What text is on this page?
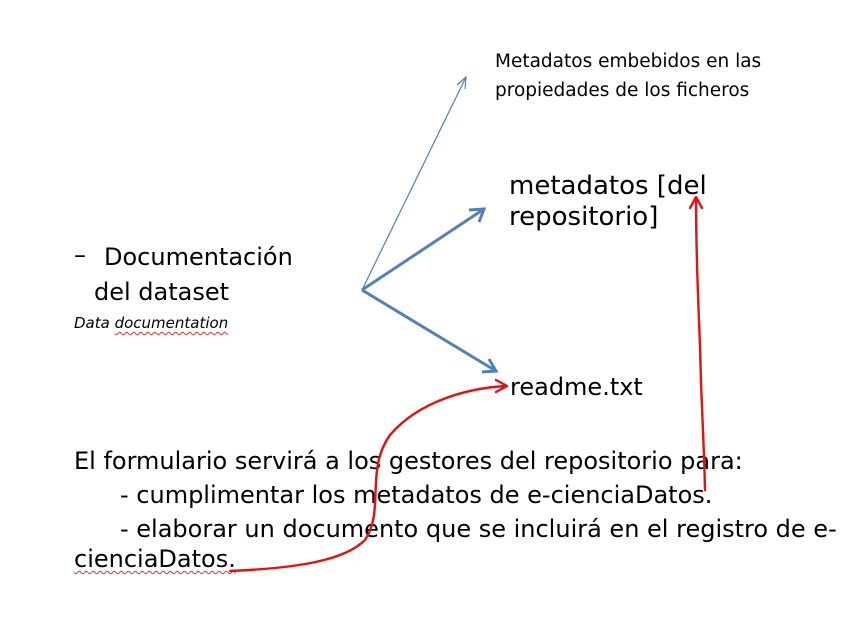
Metadatos embebidos en las
propiedades de los ficheros
metadatos [del
repositorio]
– Documentación
del dataset
Data documentation
readme.txt
El formulario servirá a los gestores del repositorio para:
- cumplimentar los metadatos de e-cienciaDatos.
- elaborar un documento que se incluirá en el registro de e-
cienciaDatos.
